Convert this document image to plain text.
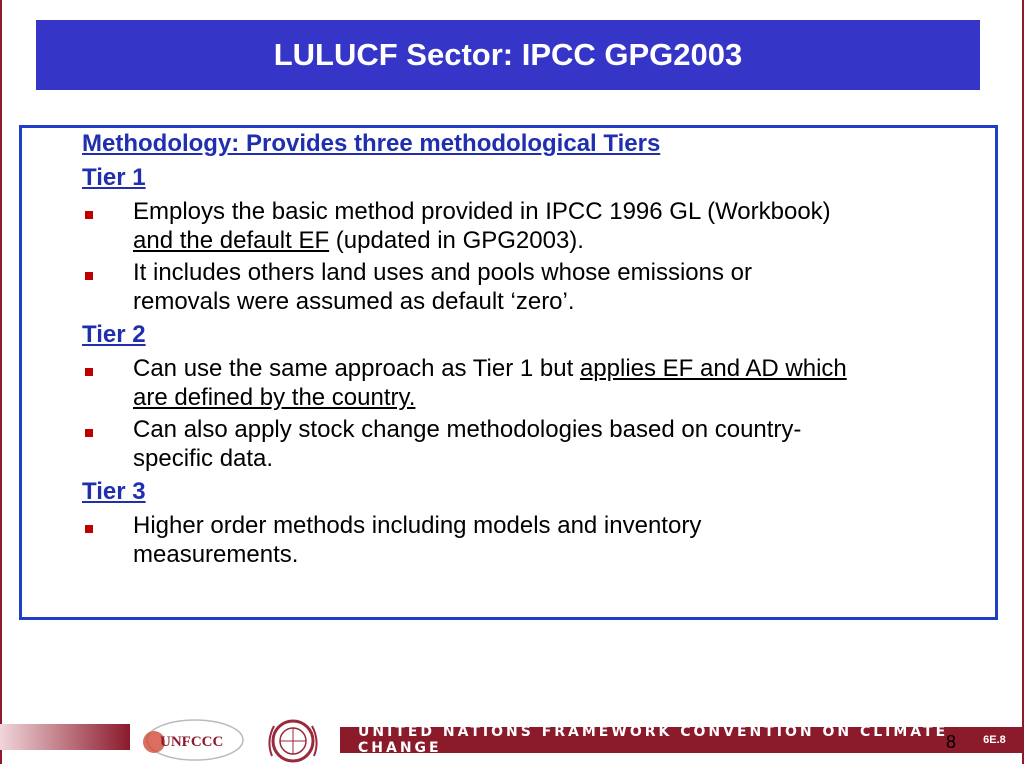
LULUCF Sector: IPCC GPG2003
Methodology: Provides three methodological Tiers
Tier 1
Employs the basic method provided in IPCC 1996 GL (Workbook)
and the default EF (updated in GPG2003).
It includes others land uses and pools whose emissions or
removals were assumed as default ‘zero’.
Tier 2
Can use the same approach as Tier 1 but applies EF and AD which
are defined by the country.
Can also apply stock change methodologies based on country-
specific data.
Tier 3
Higher order methods including models and inventory
measurements.
UNFCCC
UNITED NATIONS FRAMEWORK CONVENTION ON CLIMATE CHANGE	8 6E.8
